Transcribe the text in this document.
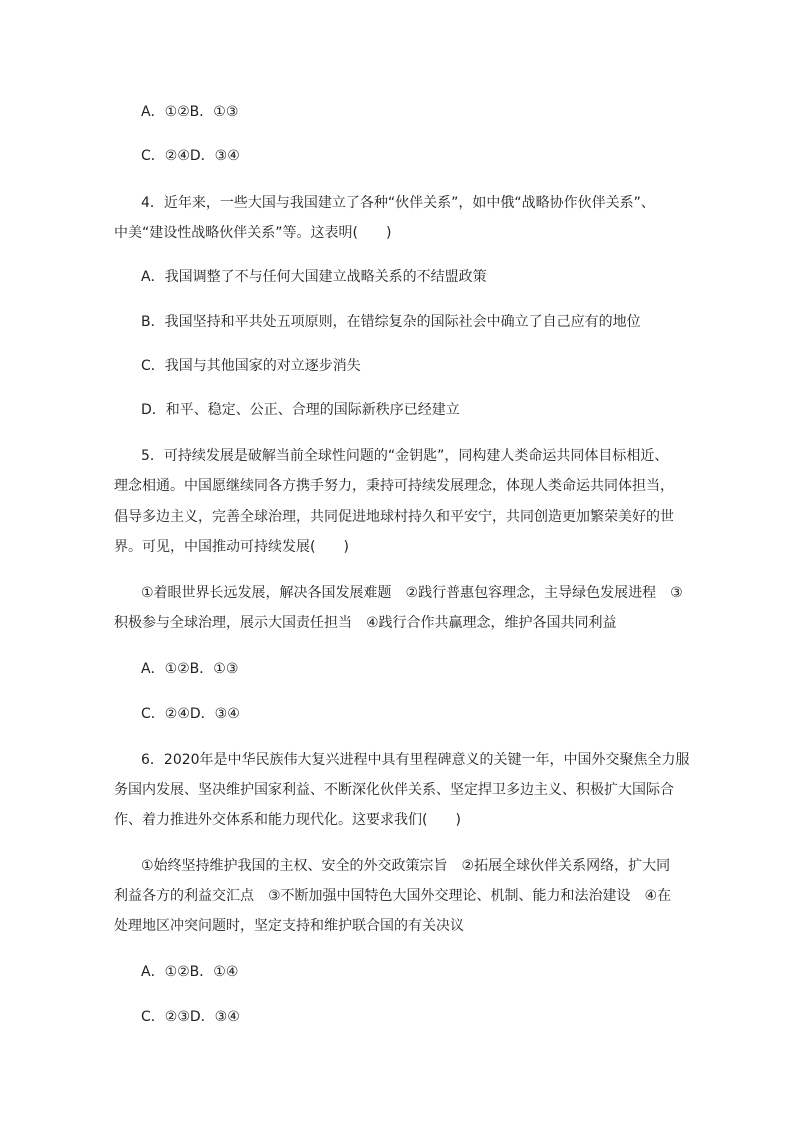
A．①②B．①③
C．②④D．③④
4．近年来，一些大国与我国建立了各种“伙伴关系”，如中俄“战略协作伙伴关系”、
中美“建设性战略伙伴关系”等。这表明(　　)
A．我国调整了不与任何大国建立战略关系的不结盟政策
B．我国坚持和平共处五项原则，在错综复杂的国际社会中确立了自己应有的地位
C．我国与其他国家的对立逐步消失
D．和平、稳定、公正、合理的国际新秩序已经建立
5．可持续发展是破解当前全球性问题的“金钥匙”，同构建人类命运共同体目标相近、
理念相通。中国愿继续同各方携手努力，秉持可持续发展理念，体现人类命运共同体担当，
倡导多边主义，完善全球治理，共同促进地球村持久和平安宁，共同创造更加繁荣美好的世
界。可见，中国推动可持续发展(　　)
①着眼世界长远发展，解决各国发展难题　②践行普惠包容理念，主导绿色发展进程　③
积极参与全球治理，展示大国责任担当　④践行合作共赢理念，维护各国共同利益
A．①②B．①③
C．②④D．③④
6．2020年是中华民族伟大复兴进程中具有里程碑意义的关键一年，中国外交聚焦全力服
务国内发展、坚决维护国家利益、不断深化伙伴关系、坚定捍卫多边主义、积极扩大国际合
作、着力推进外交体系和能力现代化。这要求我们(　　)
①始终坚持维护我国的主权、安全的外交政策宗旨　②拓展全球伙伴关系网络，扩大同
利益各方的利益交汇点　③不断加强中国特色大国外交理论、机制、能力和法治建设　④在
处理地区冲突问题时，坚定支持和维护联合国的有关决议
A．①②B．①④
C．②③D．③④
